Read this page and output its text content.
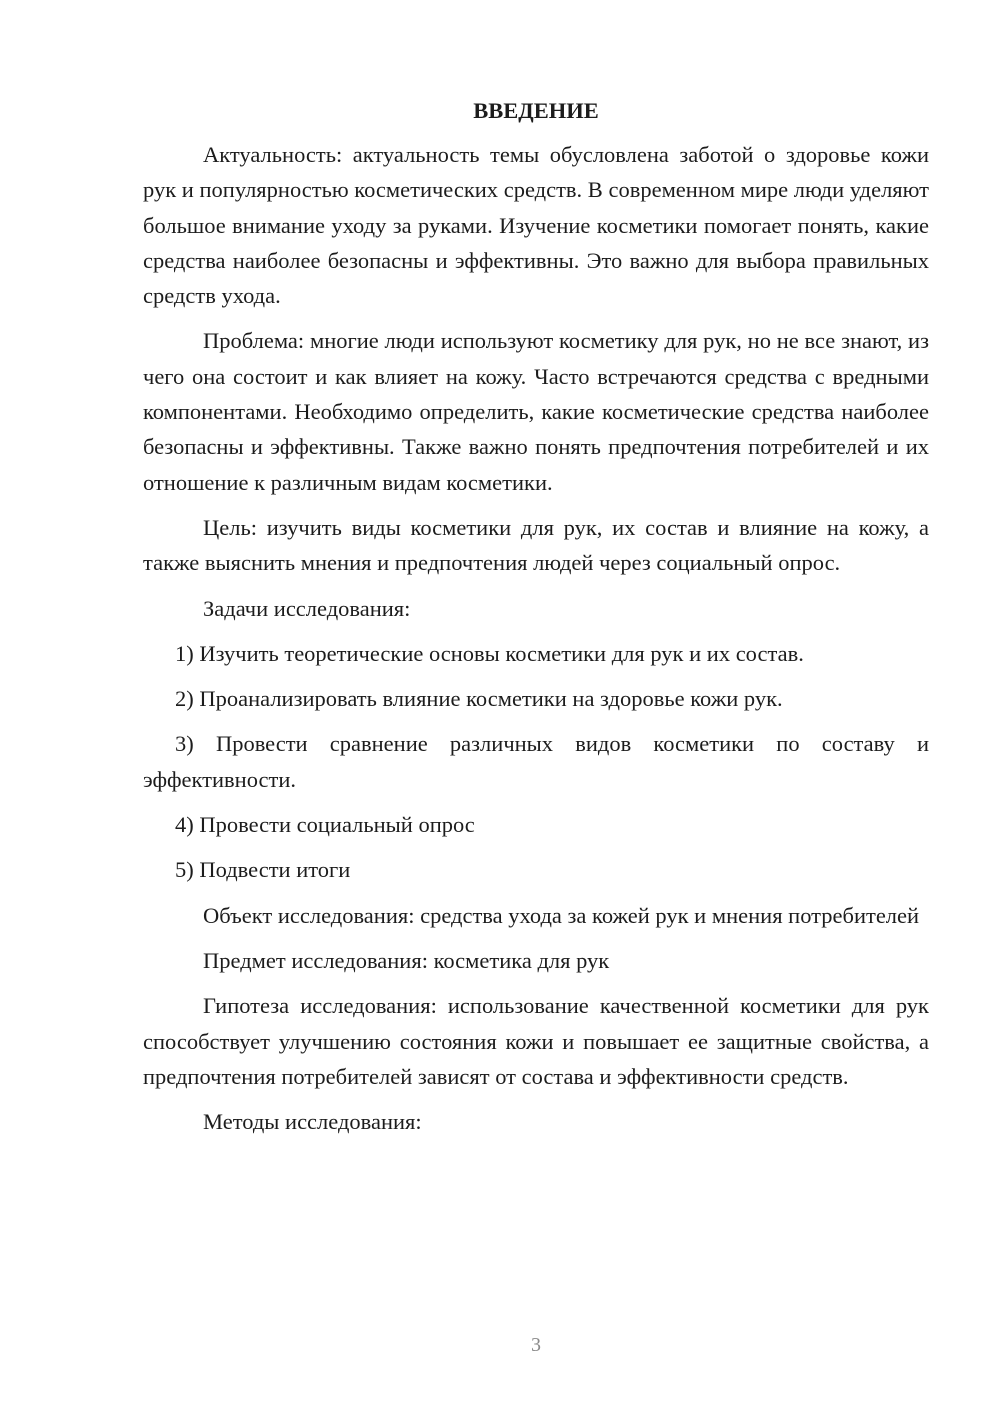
ВВЕДЕНИЕ

Актуальность: актуальность темы обусловлена заботой о здоровье кожи рук и популярностью косметических средств. В современном мире люди уделяют большое внимание уходу за руками. Изучение косметики помогает понять, какие средства наиболее безопасны и эффективны. Это важно для выбора правильных средств ухода.

Проблема: многие люди используют косметику для рук, но не все знают, из чего она состоит и как влияет на кожу. Часто встречаются средства с вредными компонентами. Необходимо определить, какие косметические средства наиболее безопасны и эффективны. Также важно понять предпочтения потребителей и их отношение к различным видам косметики.

Цель: изучить виды косметики для рук, их состав и влияние на кожу, а также выяснить мнения и предпочтения людей через социальный опрос.

Задачи исследования:

1) Изучить теоретические основы косметики для рук и их состав.

2) Проанализировать влияние косметики на здоровье кожи рук.

3) Провести сравнение различных видов косметики по составу и эффективности.

4) Провести социальный опрос

5) Подвести итоги

Объект исследования: средства ухода за кожей рук и мнения потребителей

Предмет исследования: косметика для рук

Гипотеза исследования: использование качественной косметики для рук способствует улучшению состояния кожи и повышает ее защитные свойства, а предпочтения потребителей зависят от состава и эффективности средств.

Методы исследования:

3
